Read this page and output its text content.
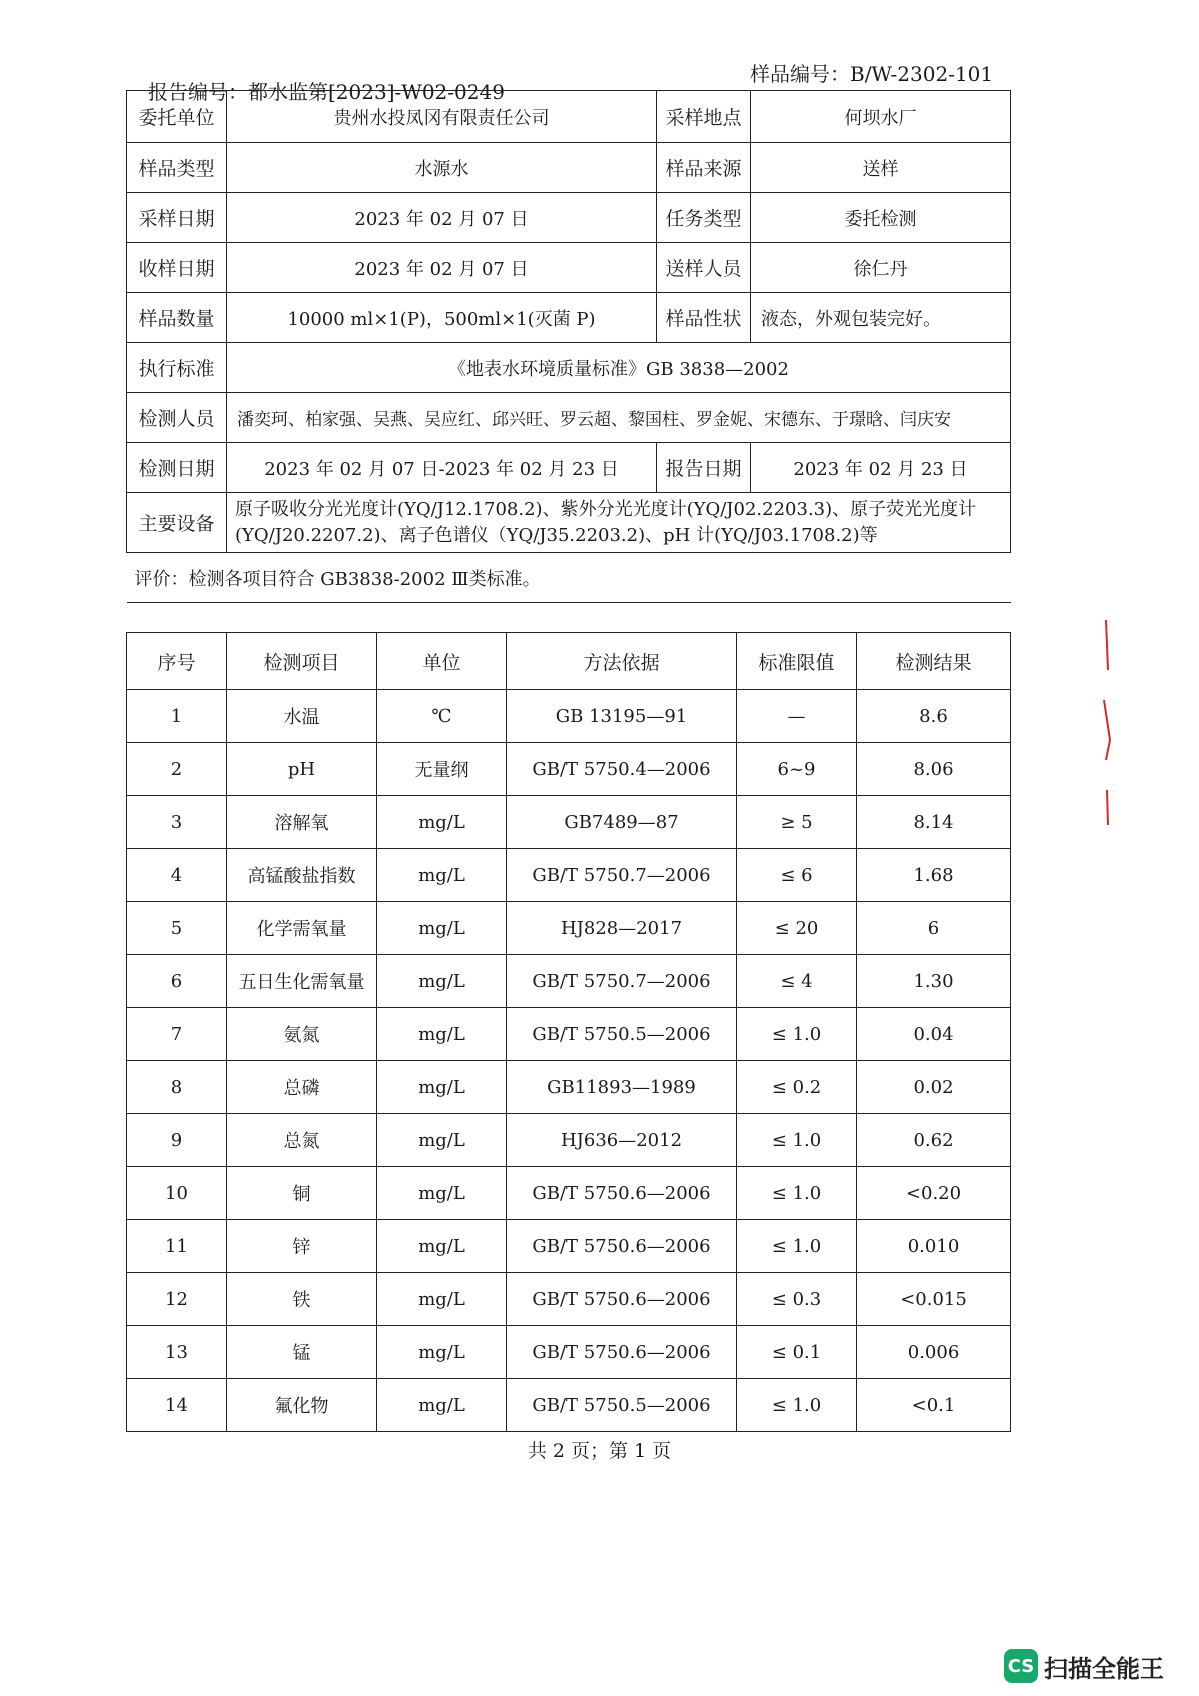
报告编号：都水监第[2023]-W02-0249
样品编号：B/W-2302-101
委托单位	贵州水投凤冈有限责任公司	采样地点	何坝水厂
样品类型	水源水	样品来源	送样
采样日期	2023 年 02 月 07 日	任务类型	委托检测
收样日期	2023 年 02 月 07 日	送样人员	徐仁丹
样品数量	10000 ml×1(P)，500ml×1(灭菌 P)	样品性状	液态，外观包装完好。
执行标准	《地表水环境质量标准》GB 3838—2002		
检测人员	潘奕珂、柏家强、吴燕、吴应红、邱兴旺、罗云超、黎国柱、罗金妮、宋德东、于璟晗、闫庆安		
检测日期	2023 年 02 月 07 日-2023 年 02 月 23 日	报告日期	2023 年 02 月 23 日
主要设备	原子吸收分光光度计(YQ/J12.1708.2)、紫外分光光度计(YQ/J02.2203.3)、原子荧光光度计(YQ/J20.2207.2)、离子色谱仪（YQ/J35.2203.2)、pH 计(YQ/J03.1708.2)等		
评价：检测各项目符合 GB3838-2002 Ⅲ类标准。			
序号	检测项目	单位	方法依据	标准限值	检测结果
1	水温	℃	GB 13195—91	—	8.6
2	pH	无量纲	GB/T 5750.4—2006	6~9	8.06
3	溶解氧	mg/L	GB7489—87	≥ 5	8.14
4	高锰酸盐指数	mg/L	GB/T 5750.7—2006	≤ 6	1.68
5	化学需氧量	mg/L	HJ828—2017	≤ 20	6
6	五日生化需氧量	mg/L	GB/T 5750.7—2006	≤ 4	1.30
7	氨氮	mg/L	GB/T 5750.5—2006	≤ 1.0	0.04
8	总磷	mg/L	GB11893—1989	≤ 0.2	0.02
9	总氮	mg/L	HJ636—2012	≤ 1.0	0.62
10	铜	mg/L	GB/T 5750.6—2006	≤ 1.0	<0.20
11	锌	mg/L	GB/T 5750.6—2006	≤ 1.0	0.010
12	铁	mg/L	GB/T 5750.6—2006	≤ 0.3	<0.015
13	锰	mg/L	GB/T 5750.6—2006	≤ 0.1	0.006
14	氟化物	mg/L	GB/T 5750.5—2006	≤ 1.0	<0.1
共 2 页；第 1 页
CS 扫描全能王
